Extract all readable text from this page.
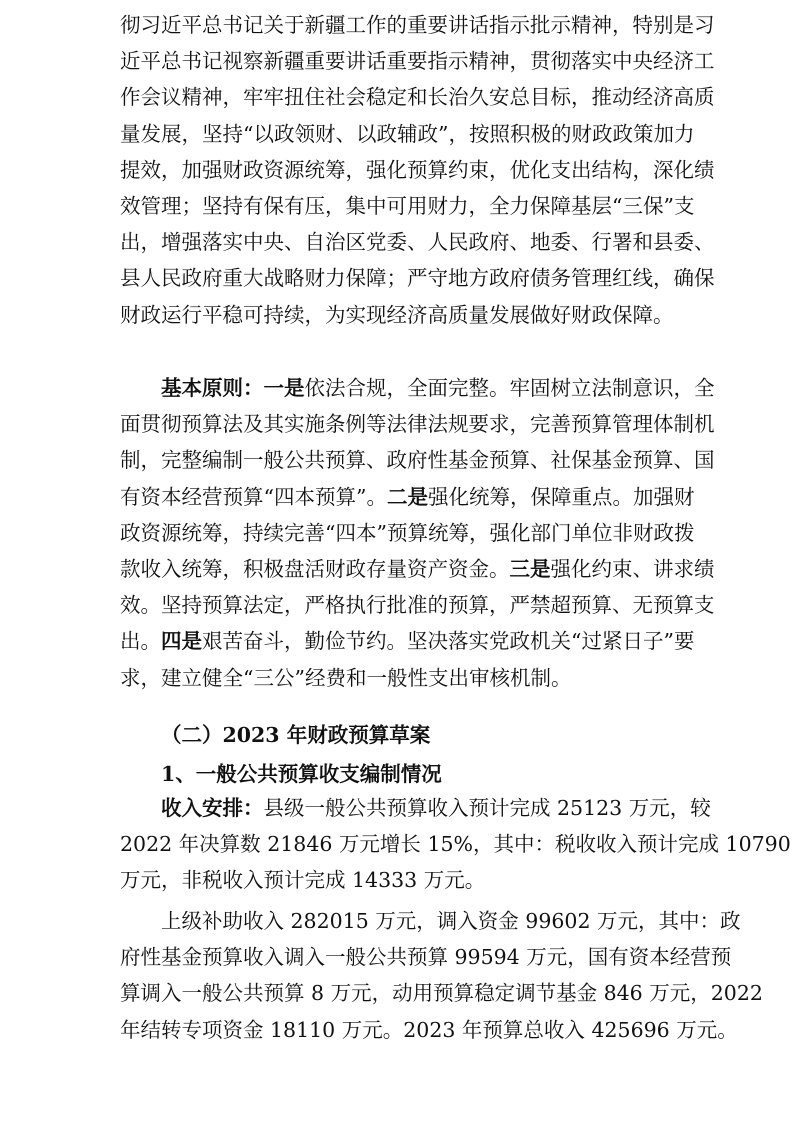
彻习近平总书记关于新疆工作的重要讲话指示批示精神，特别是习
近平总书记视察新疆重要讲话重要指示精神，贯彻落实中央经济工
作会议精神，牢牢扭住社会稳定和长治久安总目标，推动经济高质
量发展，坚持“以政领财、以政辅政”，按照积极的财政政策加力
提效，加强财政资源统筹，强化预算约束，优化支出结构，深化绩
效管理；坚持有保有压，集中可用财力，全力保障基层“三保”支
出，增强落实中央、自治区党委、人民政府、地委、行署和县委、
县人民政府重大战略财力保障；严守地方政府债务管理红线，确保
财政运行平稳可持续，为实现经济高质量发展做好财政保障。
基本原则：一是依法合规，全面完整。牢固树立法制意识，全
面贯彻预算法及其实施条例等法律法规要求，完善预算管理体制机
制，完整编制一般公共预算、政府性基金预算、社保基金预算、国
有资本经营预算“四本预算”。二是强化统筹，保障重点。加强财
政资源统筹，持续完善“四本”预算统筹，强化部门单位非财政拨
款收入统筹，积极盘活财政存量资产资金。三是强化约束、讲求绩
效。坚持预算法定，严格执行批准的预算，严禁超预算、无预算支
出。四是艰苦奋斗，勤俭节约。坚决落实党政机关“过紧日子”要
求，建立健全“三公”经费和一般性支出审核机制。
（二）2023 年财政预算草案
1、一般公共预算收支编制情况
收入安排：县级一般公共预算收入预计完成 25123 万元，较
2022 年决算数 21846 万元增长 15%，其中：税收收入预计完成 10790
万元，非税收入预计完成 14333 万元。
上级补助收入 282015 万元，调入资金 99602 万元，其中：政
府性基金预算收入调入一般公共预算 99594 万元，国有资本经营预
算调入一般公共预算 8 万元，动用预算稳定调节基金 846 万元，2022
年结转专项资金 18110 万元。2023 年预算总收入 425696 万元。
